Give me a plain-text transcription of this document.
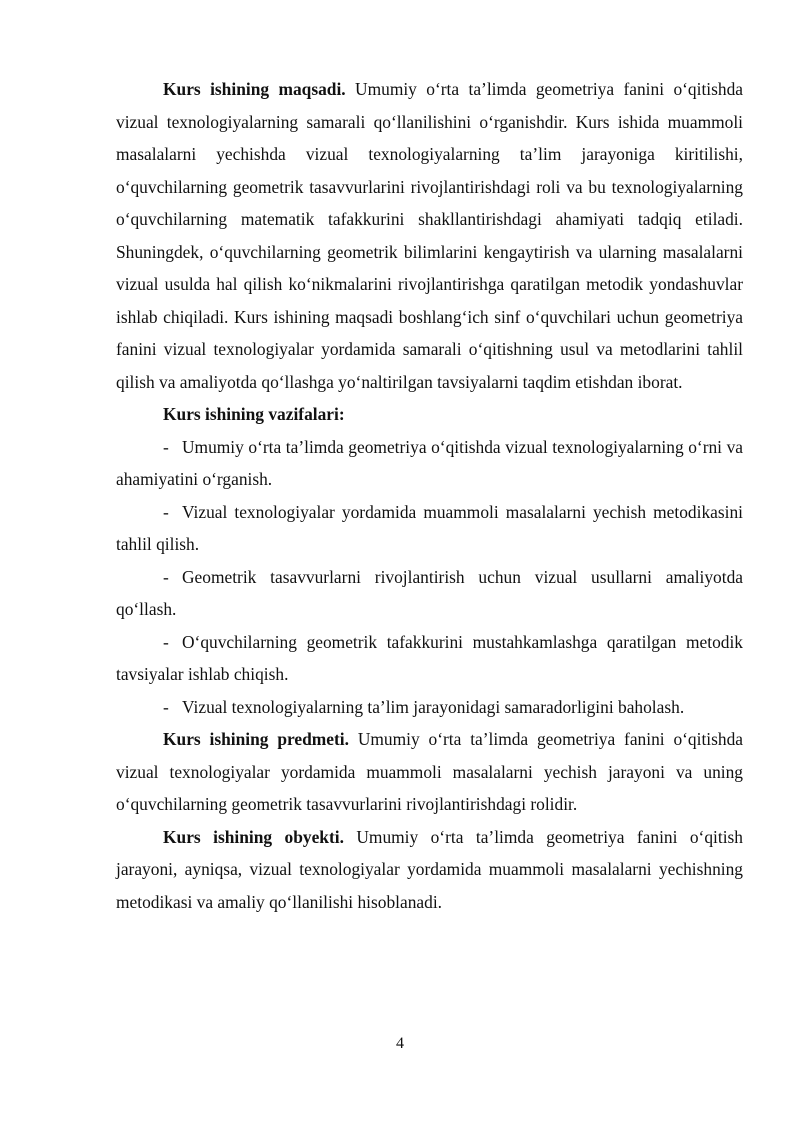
Kurs ishining maqsadi. Umumiy o‘rta ta’limda geometriya fanini o‘qitishda vizual texnologiyalarning samarali qo‘llanilishini o‘rganishdir. Kurs ishida muammoli masalalarni yechishda vizual texnologiyalarning ta’lim jarayoniga kiritilishi, o‘quvchilarning geometrik tasavvurlarini rivojlantirishdagi roli va bu texnologiyalarning o‘quvchilarning matematik tafakkurini shakllantirishdagi ahamiyati tadqiq etiladi. Shuningdek, o‘quvchilarning geometrik bilimlarini kengaytirish va ularning masalalarni vizual usulda hal qilish ko‘nikmalarini rivojlantirishga qaratilgan metodik yondashuvlar ishlab chiqiladi. Kurs ishining maqsadi boshlang‘ich sinf o‘quvchilari uchun geometriya fanini vizual texnologiyalar yordamida samarali o‘qitishning usul va metodlarini tahlil qilish va amaliyotda qo‘llashga yo‘naltirilgan tavsiyalarni taqdim etishdan iborat.

Kurs ishining vazifalari:

- Umumiy o‘rta ta’limda geometriya o‘qitishda vizual texnologiyalarning o‘rni va ahamiyatini o‘rganish.

- Vizual texnologiyalar yordamida muammoli masalalarni yechish metodikasini tahlil qilish.

- Geometrik tasavvurlarni rivojlantirish uchun vizual usullarni amaliyotda qo‘llash.

- O‘quvchilarning geometrik tafakkurini mustahkamlashga qaratilgan metodik tavsiyalar ishlab chiqish.

- Vizual texnologiyalarning ta’lim jarayonidagi samaradorligini baholash.

Kurs ishining predmeti. Umumiy o‘rta ta’limda geometriya fanini o‘qitishda vizual texnologiyalar yordamida muammoli masalalarni yechish jarayoni va uning o‘quvchilarning geometrik tasavvurlarini rivojlantirishdagi rolidir.

Kurs ishining obyekti. Umumiy o‘rta ta’limda geometriya fanini o‘qitish jarayoni, ayniqsa, vizual texnologiyalar yordamida muammoli masalalarni yechishning metodikasi va amaliy qo‘llanilishi hisoblanadi.

4
